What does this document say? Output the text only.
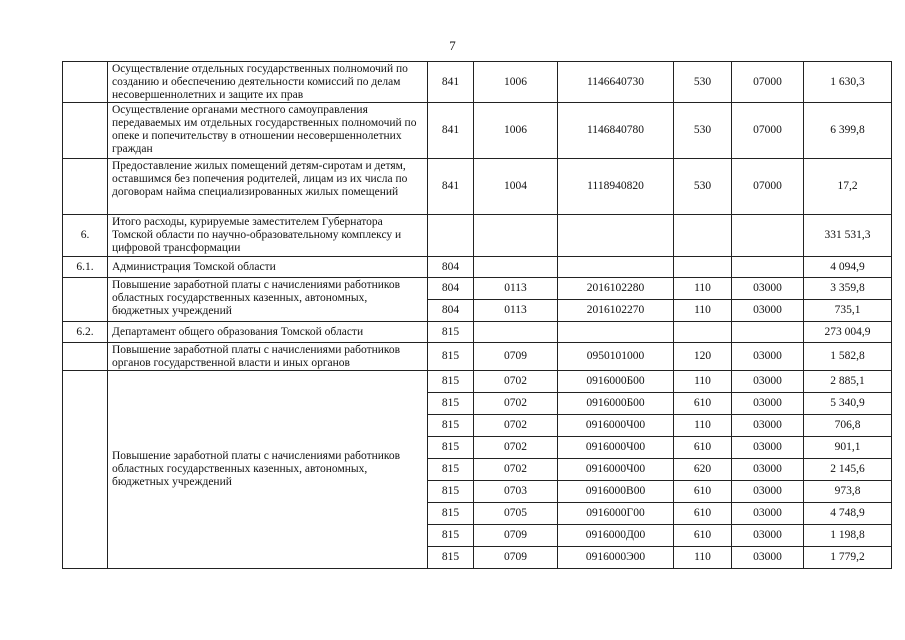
7
	Осуществление отдельных государственных полномочий по созданию и обеспечению деятельности комиссий по делам несовершеннолетних и защите их прав	841	1006	1146640730	530	07000	1 630,3
	Осуществление органами местного самоуправления передаваемых им отдельных государственных полномочий по опеке и попечительству в отношении несовершеннолетних граждан	841	1006	1146840780	530	07000	6 399,8
	Предоставление жилых помещений детям-сиротам и детям, оставшимся без попечения родителей, лицам из их числа по договорам найма специализированных жилых помещений	841	1004	1118940820	530	07000	17,2
6.	Итого расходы, курируемые заместителем Губернатора Томской области по научно-образовательному комплексу и цифровой трансформации						331 531,3
6.1.	Администрация Томской области	804					4 094,9
	Повышение заработной платы с начислениями работников областных государственных казенных, автономных, бюджетных учреждений	804	0113	2016102280	110	03000	3 359,8
		804	0113	2016102270	110	03000	735,1
6.2.	Департамент общего образования Томской области	815					273 004,9
	Повышение заработной платы с начислениями работников органов государственной власти и иных органов	815	0709	0950101000	120	03000	1 582,8
	Повышение заработной платы с начислениями работников областных государственных казенных, автономных, бюджетных учреждений	815	0702	0916000Б00	110	03000	2 885,1
		815	0702	0916000Б00	610	03000	5 340,9
		815	0702	0916000Ч00	110	03000	706,8
		815	0702	0916000Ч00	610	03000	901,1
		815	0702	0916000Ч00	620	03000	2 145,6
		815	0703	0916000В00	610	03000	973,8
		815	0705	0916000Г00	610	03000	4 748,9
		815	0709	0916000Д00	610	03000	1 198,8
		815	0709	0916000Э00	110	03000	1 779,2
